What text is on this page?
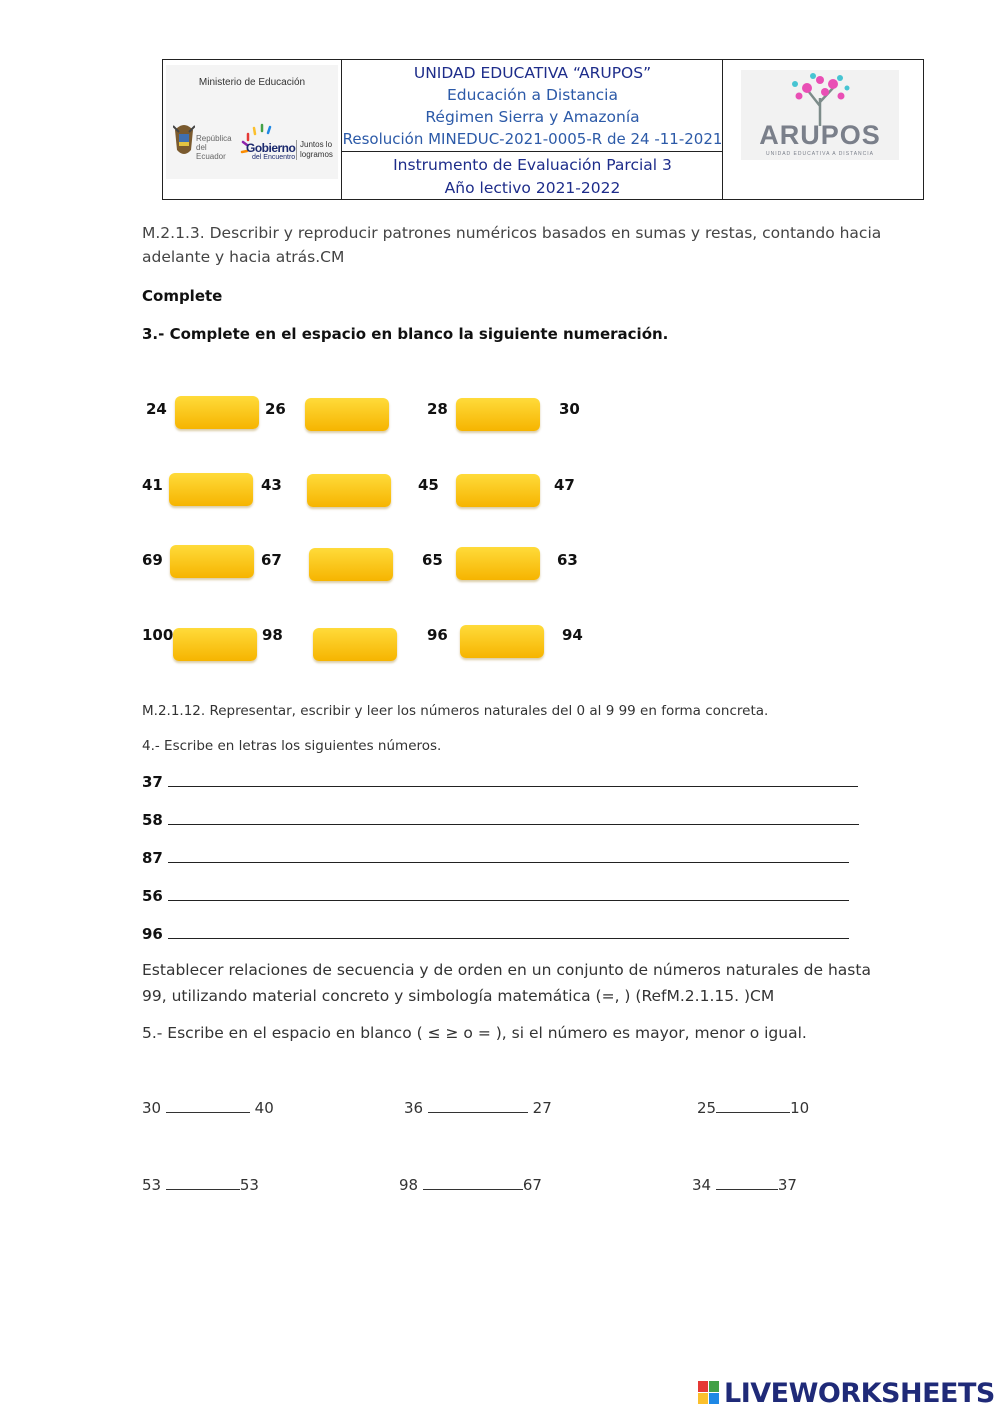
Ministerio de Educación
República del Ecuador
Gobierno
del Encuentro
Juntos lo logramos
UNIDAD EDUCATIVA “ARUPOS”
Educación a Distancia
Régimen Sierra y Amazonía
Resolución MINEDUC-2021-0005-R de 24 -11-2021
Instrumento de Evaluación Parcial 3
Año lectivo 2021-2022
ARUPOS
UNIDAD EDUCATIVA A DISTANCIA
M.2.1.3. Describir y reproducir patrones numéricos basados en sumas y restas, contando hacia
adelante y hacia atrás.CM
Complete
3.- Complete en el espacio en blanco la siguiente numeración.
24	26	28	30
41	43	45	47
69	67	65	63
100	98	96	94
M.2.1.12. Representar, escribir y leer los números naturales del 0 al 9 99 en forma concreta.
4.- Escribe en letras los siguientes números.
37
58
87
56
96
Establecer relaciones de secuencia y de orden en un conjunto de números naturales de hasta
99, utilizando material concreto y simbología matemática (=, ) (RefM.2.1.15. )CM
5.- Escribe en el espacio en blanco ( ≤ ≥ o = ), si el número es mayor, menor o igual.
30	40	36	27	25	10
53	53	98	67	34	37
LIVEWORKSHEETS
